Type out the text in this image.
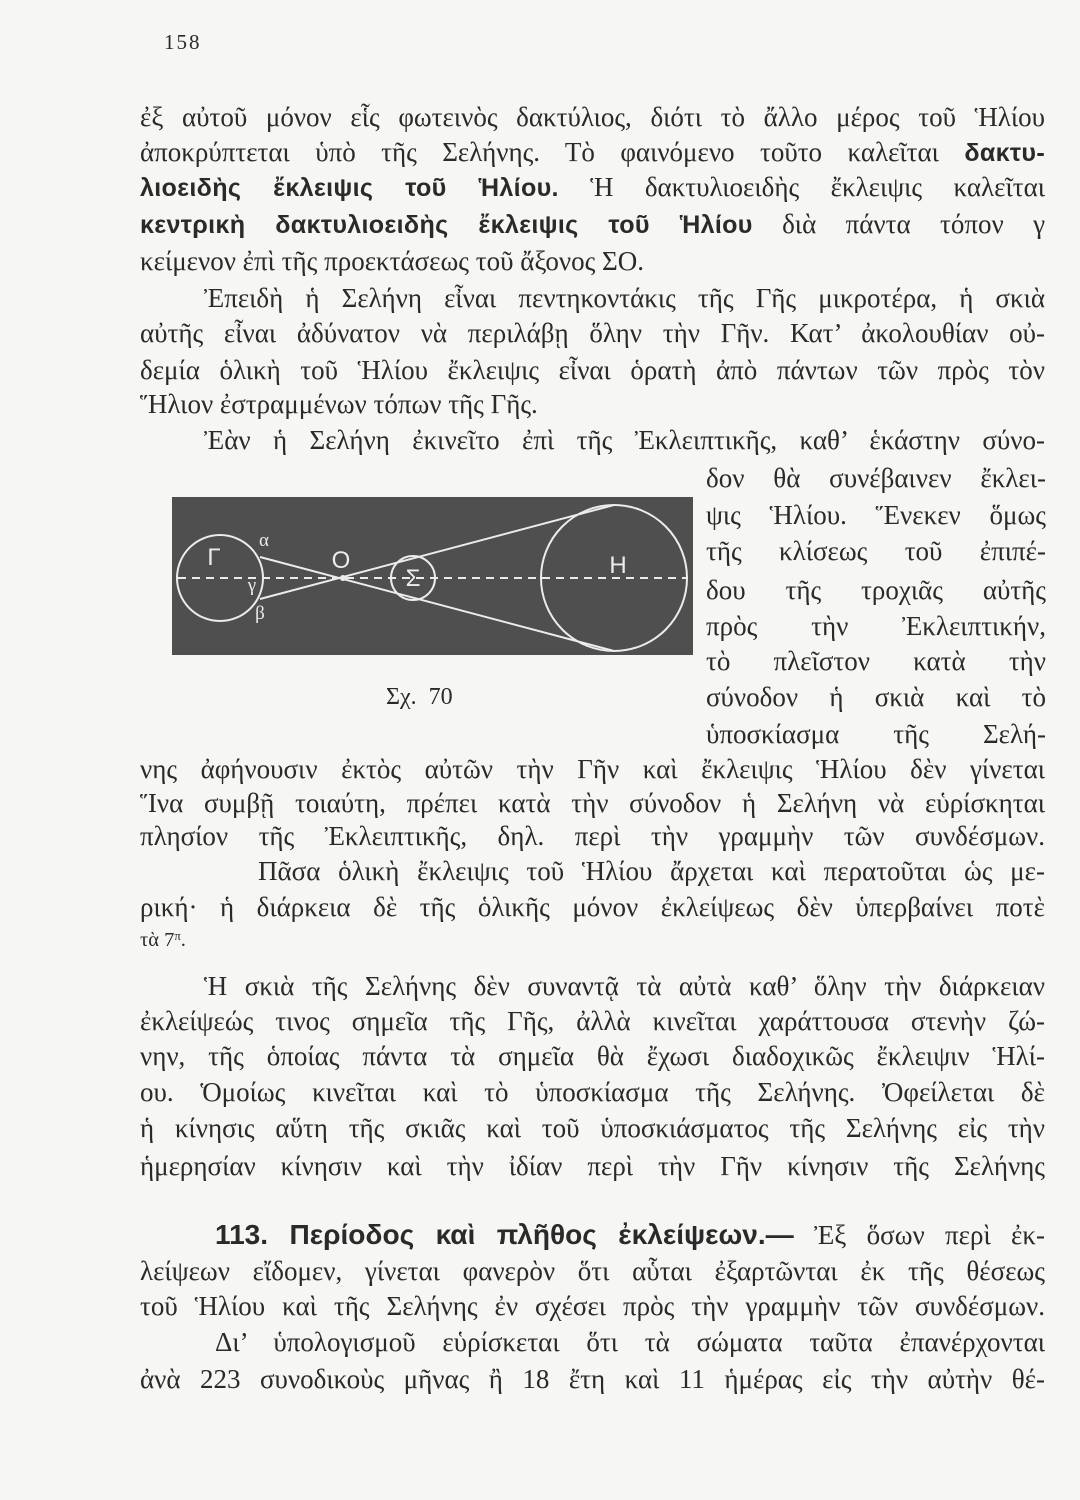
158
ἐξ αὐτοῦ μόνον εἷς φωτεινὸς δακτύλιος, διότι τὸ ἄλλο μέρος τοῦ Ἡλίου
ἀποκρύπτεται ὑπὸ τῆς Σελήνης. Τὸ φαινόμενο τοῦτο καλεῖται δακτυ-
λιοειδὴς ἔκλειψις τοῦ Ἡλίου. Ἡ δακτυλιοειδὴς ἔκλειψις καλεῖται
κεντρικὴ δακτυλιοειδὴς ἔκλειψις τοῦ Ἡλίου διὰ πάντα τόπον γ
κείμενον ἐπὶ τῆς προεκτάσεως τοῦ ἄξονος ΣΟ.
Ἐπειδὴ ἡ Σελήνη εἶναι πεντηκοντάκις τῆς Γῆς μικροτέρα, ἡ σκιὰ
αὐτῆς εἶναι ἀδύνατον νὰ περιλάβῃ ὅλην τὴν Γῆν. Κατ’ ἀκολουθίαν οὐ-
δεμία ὁλικὴ τοῦ Ἡλίου ἔκλειψις εἶναι ὁρατὴ ἀπὸ πάντων τῶν πρὸς τὸν
Ἥλιον ἐστραμμένων τόπων τῆς Γῆς.
Ἐὰν ἡ Σελήνη ἐκινεῖτο ἐπὶ τῆς Ἐκλειπτικῆς, καθ’ ἑκάστην σύνο-
δον θὰ συνέβαινεν ἔκλει-
ψις Ἡλίου. Ἕνεκεν ὅμως
τῆς κλίσεως τοῦ ἐπιπέ-
δου τῆς τροχιᾶς αὐτῆς
πρὸς τὴν Ἐκλειπτικήν,
τὸ πλεῖστον κατὰ τὴν
σύνοδον ἡ σκιὰ καὶ τὸ
ὑποσκίασμα τῆς Σελή-
νης ἀφήνουσιν ἐκτὸς αὐτῶν τὴν Γῆν καὶ ἔκλειψις Ἡλίου δὲν γίνεται
Ἵνα συμβῇ τοιαύτη, πρέπει κατὰ τὴν σύνοδον ἡ Σελήνη νὰ εὑρίσκηται
πλησίον τῆς Ἐκλειπτικῆς, δηλ. περὶ τὴν γραμμὴν τῶν συνδέσμων.
Γ
α
γ
β
Ο
Σ	Η
Σχ. 70
Πᾶσα ὁλικὴ ἔκλειψις τοῦ Ἡλίου ἄρχεται καὶ περατοῦται ὡς με-
ρική· ἡ διάρκεια δὲ τῆς ὁλικῆς μόνον ἐκλείψεως δὲν ὑπερβαίνει ποτὲ
τὰ $7^\pi$.
Ἡ σκιὰ τῆς Σελήνης δὲν συναντᾷ τὰ αὐτὰ καθ’ ὅλην τὴν διάρκειαν
ἐκλείψεώς τινος σημεῖα τῆς Γῆς, ἀλλὰ κινεῖται χαράττουσα στενὴν ζώ-
νην, τῆς ὁποίας πάντα τὰ σημεῖα θὰ ἔχωσι διαδοχικῶς ἔκλειψιν Ἡλί-
ου. Ὁμοίως κινεῖται καὶ τὸ ὑποσκίασμα τῆς Σελήνης. Ὀφείλεται δὲ
ἡ κίνησις αὕτη τῆς σκιᾶς καὶ τοῦ ὑποσκιάσματος τῆς Σελήνης εἰς τὴν
ἡμερησίαν κίνησιν καὶ τὴν ἰδίαν περὶ τὴν Γῆν κίνησιν τῆς Σελήνης
113. Περίοδος καὶ πλῆθος ἐκλείψεων.— Ἐξ ὅσων περὶ ἐκ-
λείψεων εἴδομεν, γίνεται φανερὸν ὅτι αὗται ἐξαρτῶνται ἐκ τῆς θέσεως
τοῦ Ἡλίου καὶ τῆς Σελήνης ἐν σχέσει πρὸς τὴν γραμμὴν τῶν συνδέσμων.
Δι’ ὑπολογισμοῦ εὑρίσκεται ὅτι τὰ σώματα ταῦτα ἐπανέρχονται
ἀνὰ 223 συνοδικοὺς μῆνας ἢ 18 ἔτη καὶ 11 ἡμέρας εἰς τὴν αὐτὴν θέ-
